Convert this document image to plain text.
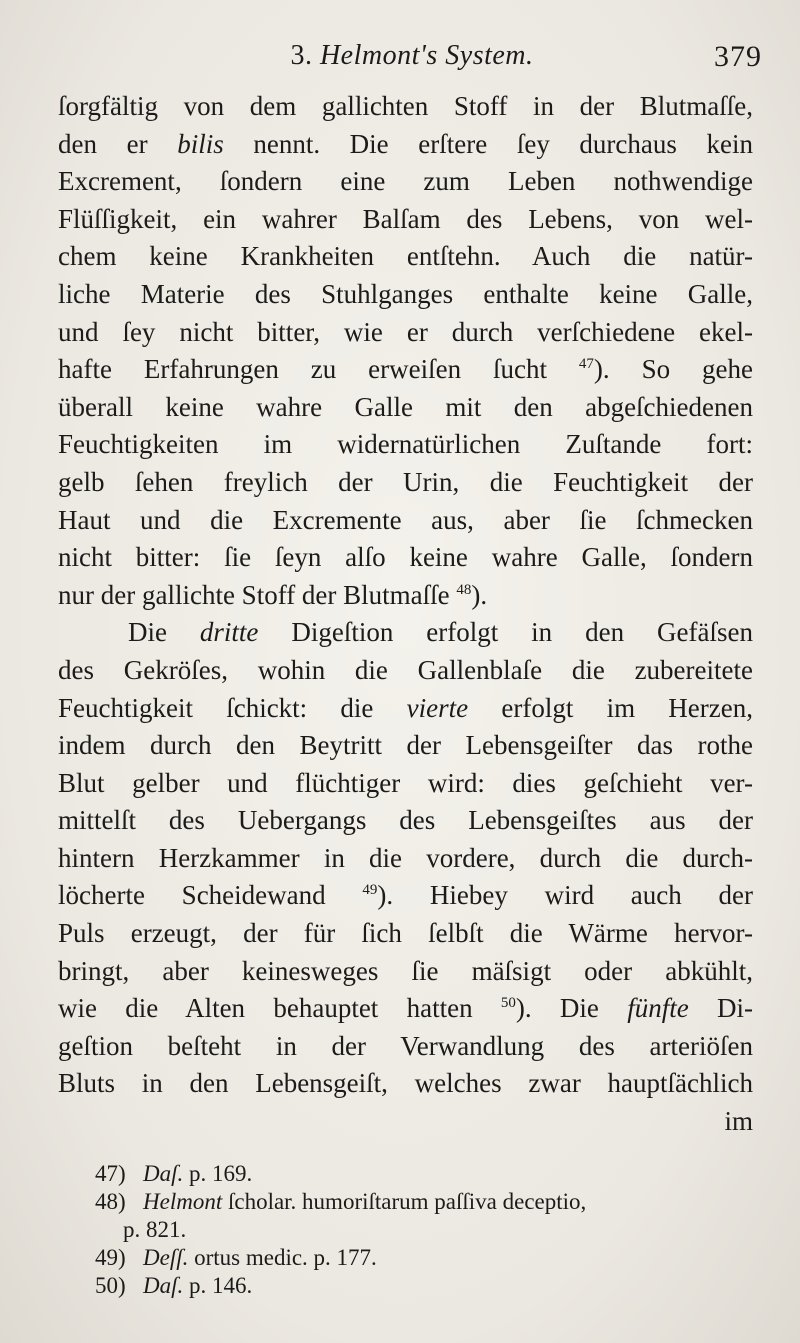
3. Helmont's System.	379
ſorgfältig von dem gallichten Stoff in der Blutmaſſe,
den er bilis nennt. Die erſtere ſey durchaus kein
Excrement, ſondern eine zum Leben nothwendige
Flüſſigkeit, ein wahrer Balſam des Lebens, von wel-
chem keine Krankheiten entſtehn. Auch die natür-
liche Materie des Stuhlganges enthalte keine Galle,
und ſey nicht bitter, wie er durch verſchiedene ekel-
hafte Erfahrungen zu erweiſen ſucht $^{47}$). So gehe
überall keine wahre Galle mit den abgeſchiedenen
Feuchtigkeiten im widernatürlichen Zuſtande fort:
gelb ſehen freylich der Urin, die Feuchtigkeit der
Haut und die Excremente aus, aber ſie ſchmecken
nicht bitter: ſie ſeyn alſo keine wahre Galle, ſondern
nur der gallichte Stoff der Blutmaſſe $^{48}$).
Die dritte Digeſtion erfolgt in den Gefäſsen
des Gekröſes, wohin die Gallenblaſe die zubereitete
Feuchtigkeit ſchickt: die vierte erfolgt im Herzen,
indem durch den Beytritt der Lebensgeiſter das rothe
Blut gelber und flüchtiger wird: dies geſchieht ver-
mittelſt des Uebergangs des Lebensgeiſtes aus der
hintern Herzkammer in die vordere, durch die durch-
löcherte Scheidewand $^{49}$). Hiebey wird auch der
Puls erzeugt, der für ſich ſelbſt die Wärme hervor-
bringt, aber keinesweges ſie mäſsigt oder abkühlt,
wie die Alten behauptet hatten $^{50}$). Die fünfte Di-
geſtion beſteht in der Verwandlung des arteriöſen
Bluts in den Lebensgeiſt, welches zwar hauptſächlich
im
47) Daſ. p. 169.
48) Helmont ſcholar. humoriſtarum paſſiva deceptio,
p. 821.
49) Deſſ. ortus medic. p. 177.
50) Daſ. p. 146.
